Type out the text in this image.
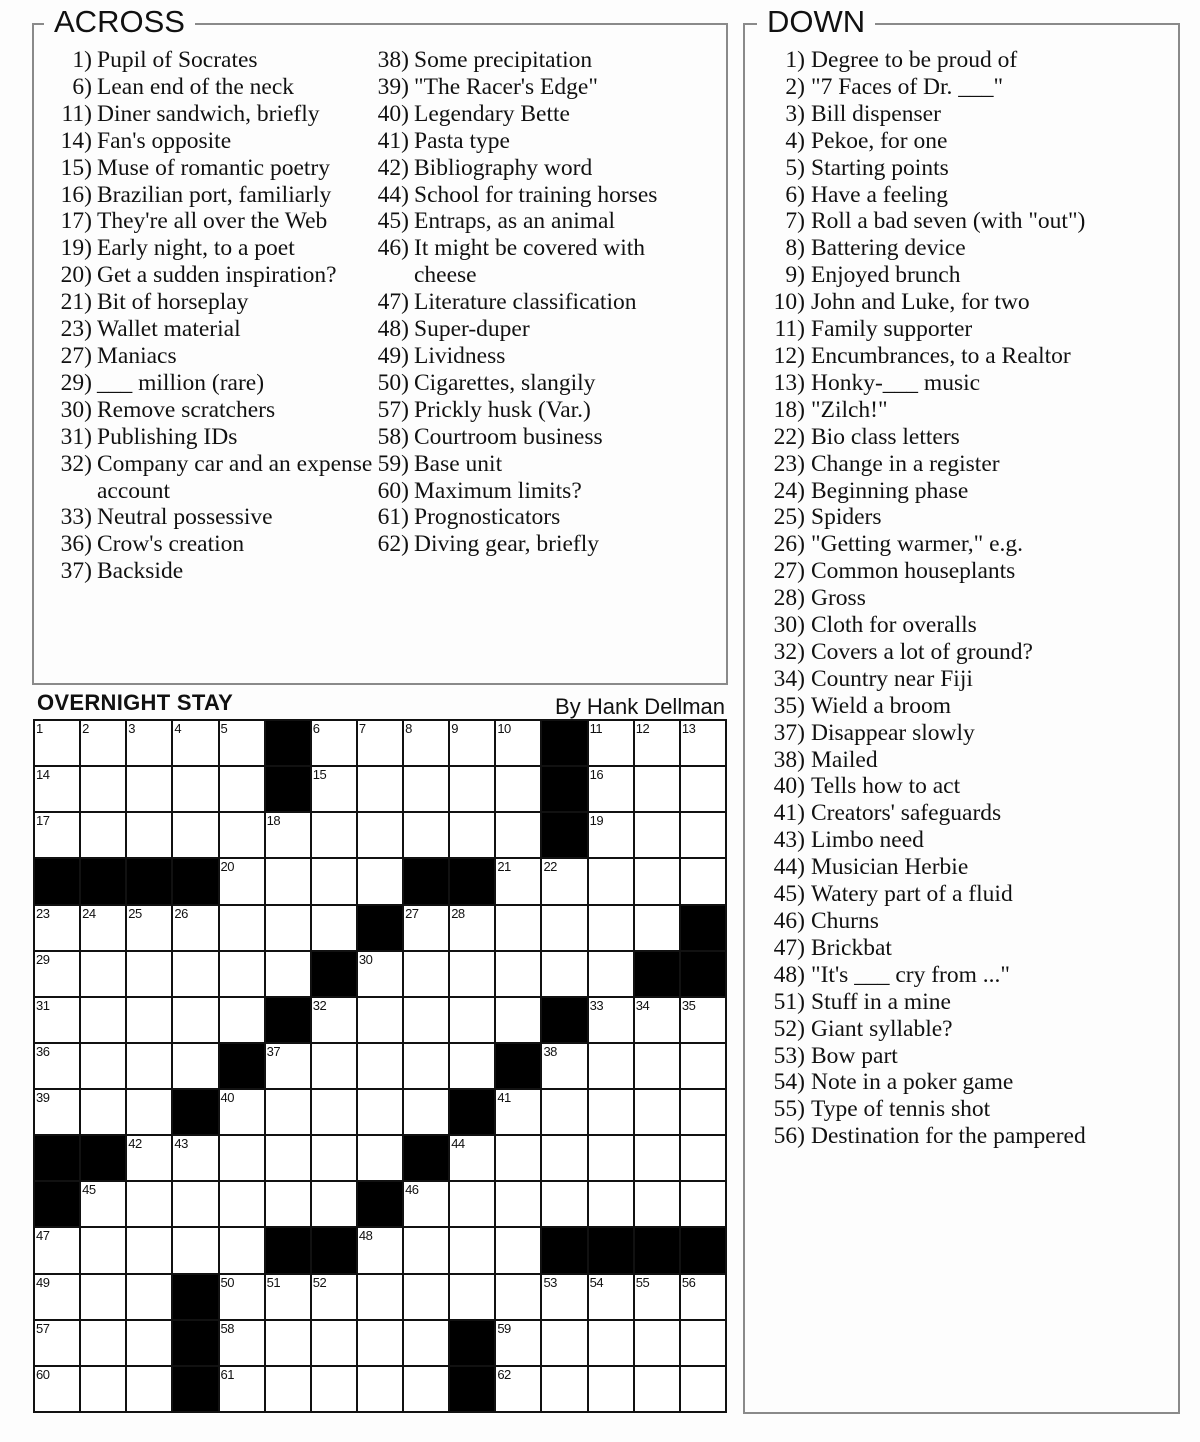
ACROSS
1) Pupil of Socrates
6) Lean end of the neck
11) Diner sandwich, briefly
14) Fan's opposite
15) Muse of romantic poetry
16) Brazilian port, familiarly
17) They're all over the Web
19) Early night, to a poet
20) Get a sudden inspiration?
21) Bit of horseplay
23) Wallet material
27) Maniacs
29) ___ million (rare)
30) Remove scratchers
31) Publishing IDs
32) Company car and an expense account
33) Neutral possessive
36) Crow's creation
37) Backside
38) Some precipitation
39) "The Racer's Edge"
40) Legendary Bette
41) Pasta type
42) Bibliography word
44) School for training horses
45) Entraps, as an animal
46) It might be covered with cheese
47) Literature classification
48) Super-duper
49) Lividness
50) Cigarettes, slangily
57) Prickly husk (Var.)
58) Courtroom business
59) Base unit
60) Maximum limits?
61) Prognosticators
62) Diving gear, briefly
DOWN
1) Degree to be proud of
2) "7 Faces of Dr. ___"
3) Bill dispenser
4) Pekoe, for one
5) Starting points
6) Have a feeling
7) Roll a bad seven (with "out")
8) Battering device
9) Enjoyed brunch
10) John and Luke, for two
11) Family supporter
12) Encumbrances, to a Realtor
13) Honky-___ music
18) "Zilch!"
22) Bio class letters
23) Change in a register
24) Beginning phase
25) Spiders
26) "Getting warmer," e.g.
27) Common houseplants
28) Gross
30) Cloth for overalls
32) Covers a lot of ground?
34) Country near Fiji
35) Wield a broom
37) Disappear slowly
38) Mailed
40) Tells how to act
41) Creators' safeguards
43) Limbo need
44) Musician Herbie
45) Watery part of a fluid
46) Churns
47) Brickbat
48) "It's ___ cry from ..."
51) Stuff in a mine
52) Giant syllable?
53) Bow part
54) Note in a poker game
55) Type of tennis shot
56) Destination for the pampered
OVERNIGHT STAY	By Hank Dellman
1	2	3	4	5	6	7	8	9	10	11	12	13
14	15	16
17	18	19
20	21	22
23	24	25	26	27	28
29	30
31	32	33	34	35
36	37	38
39	40	41
42	43	44
45	46
47	48
49	50	51	52	53	54	55	56
57	58	59
60	61	62
